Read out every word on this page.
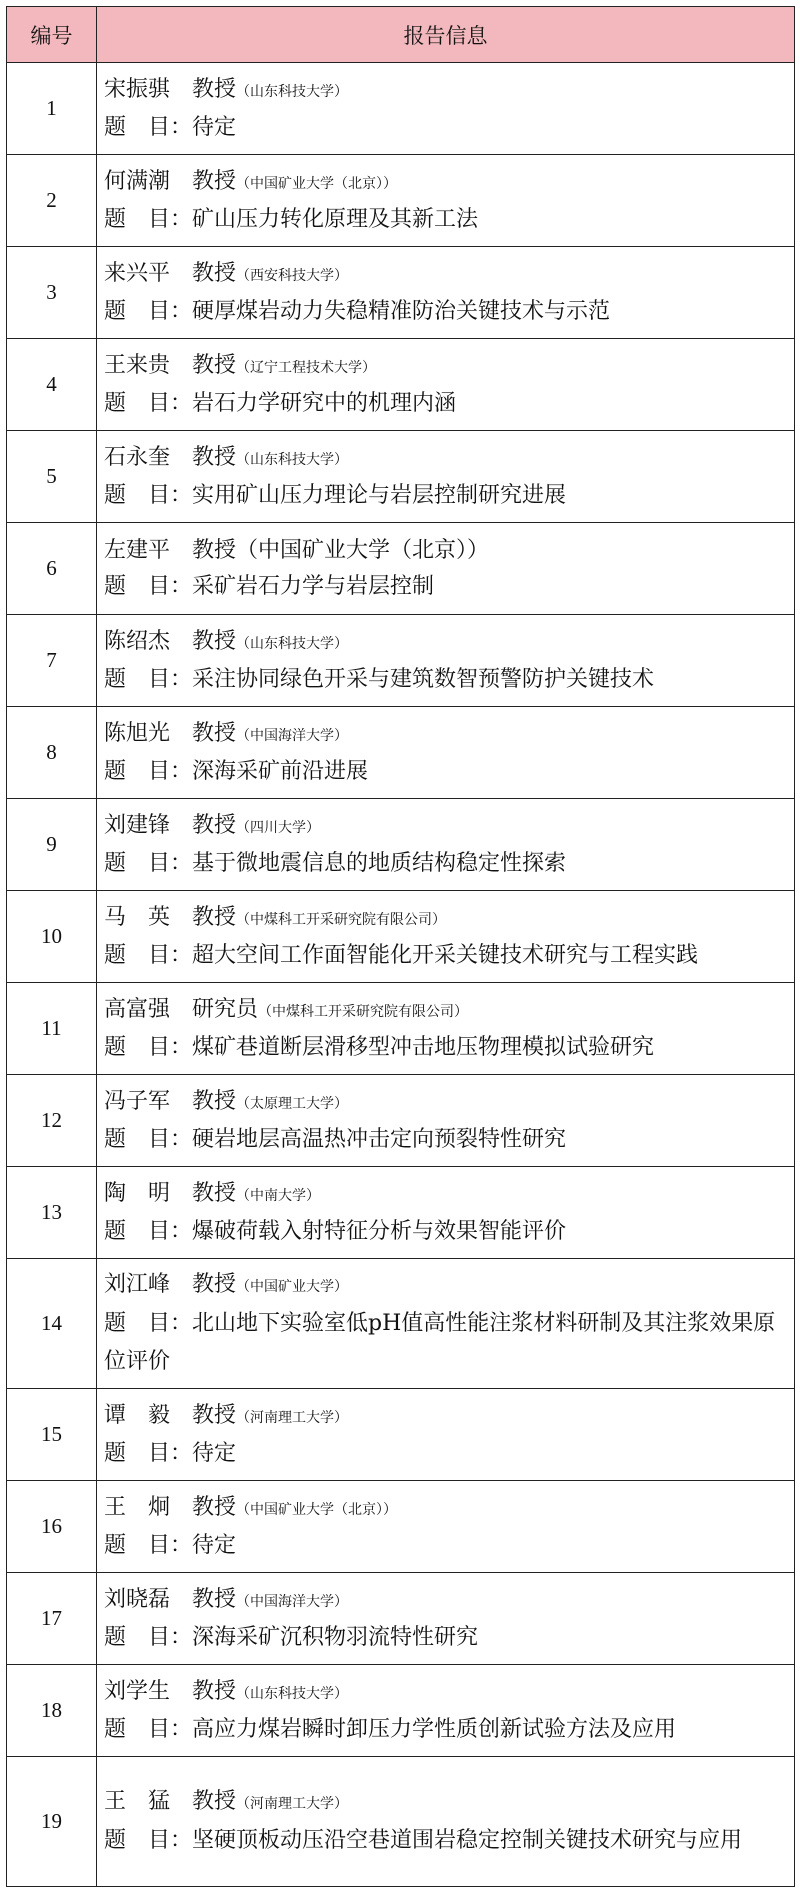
编号	报告信息
1	宋振骐 教授（山东科技大学）
题　目：待定

2	何满潮 教授（中国矿业大学（北京））
题　目：矿山压力转化原理及其新工法

3	来兴平 教授（西安科技大学）
题　目：硬厚煤岩动力失稳精准防治关键技术与示范

4	王来贵 教授（辽宁工程技术大学）
题　目：岩石力学研究中的机理内涵

5	石永奎 教授（山东科技大学）
题　目：实用矿山压力理论与岩层控制研究进展

6	左建平 教授（中国矿业大学（北京））
题　目：采矿岩石力学与岩层控制

7	陈绍杰 教授（山东科技大学）
题　目：采注协同绿色开采与建筑数智预警防护关键技术

8	陈旭光 教授（中国海洋大学）
题　目：深海采矿前沿进展

9	刘建锋 教授（四川大学）
题　目：基于微地震信息的地质结构稳定性探索

10	马　英 教授（中煤科工开采研究院有限公司）
题　目：超大空间工作面智能化开采关键技术研究与工程实践

11	高富强 研究员（中煤科工开采研究院有限公司）
题　目：煤矿巷道断层滑移型冲击地压物理模拟试验研究

12	冯子军 教授（太原理工大学）
题　目：硬岩地层高温热冲击定向预裂特性研究

13	陶　明 教授（中南大学）
题　目：爆破荷载入射特征分析与效果智能评价

14	刘江峰 教授（中国矿业大学）
题　目：北山地下实验室低pH值高性能注浆材料研制及其注浆效果原位评价

15	谭　毅 教授（河南理工大学）
题　目：待定

16	王　炯 教授（中国矿业大学（北京））
题　目：待定

17	刘晓磊 教授（中国海洋大学）
题　目：深海采矿沉积物羽流特性研究

18	刘学生 教授（山东科技大学）
题　目：高应力煤岩瞬时卸压力学性质创新试验方法及应用

19	王　猛 教授（河南理工大学）
题　目：坚硬顶板动压沿空巷道围岩稳定控制关键技术研究与应用
